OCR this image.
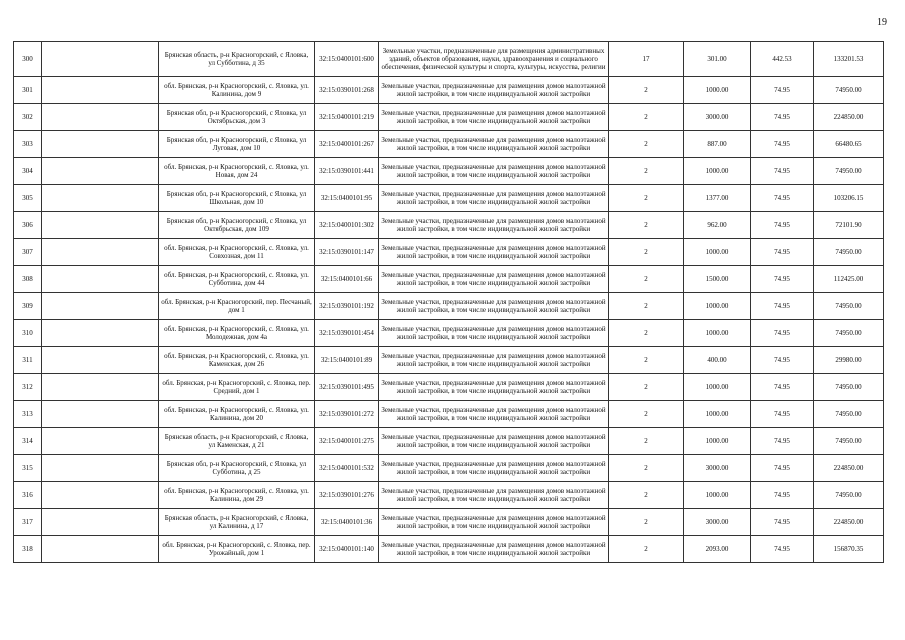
19
300		Брянская область, р-н Красногорский, с Яловка, ул Субботина, д 35	32:15:0400101:600	Земельные участки, предназначенные для размещения административных зданий, объектов образования, науки, здравоохранения и социального обеспечения, физической культуры и спорта, культуры, искусства, религии	17	301.00	442.53	133201.53
301		обл. Брянская, р-н Красногорский, с. Яловка, ул. Калинина, дом 9	32:15:0390101:268	Земельные участки, предназначенные для размещения домов малоэтажной жилой застройки, в том числе индивидуальной жилой застройки	2	1000.00	74.95	74950.00
302		Брянская обл, р-н Красногорский, с Яловка, ул Октябрьская, дом 3	32:15:0400101:219	Земельные участки, предназначенные для размещения домов малоэтажной жилой застройки, в том числе индивидуальной жилой застройки	2	3000.00	74.95	224850.00
303		Брянская обл, р-н Красногорский, с Яловка, ул Луговая, дом 10	32:15:0400101:267	Земельные участки, предназначенные для размещения домов малоэтажной жилой застройки, в том числе индивидуальной жилой застройки	2	887.00	74.95	66480.65
304		обл. Брянская, р-н Красногорский, с. Яловка, ул. Новая, дом 24	32:15:0390101:441	Земельные участки, предназначенные для размещения домов малоэтажной жилой застройки, в том числе индивидуальной жилой застройки	2	1000.00	74.95	74950.00
305		Брянская обл, р-н Красногорский, с Яловка, ул Школьная, дом 10	32:15:0400101:95	Земельные участки, предназначенные для размещения домов малоэтажной жилой застройки, в том числе индивидуальной жилой застройки	2	1377.00	74.95	103206.15
306		Брянская обл, р-н Красногорский, с Яловка, ул Октябрьская, дом 109	32:15:0400101:302	Земельные участки, предназначенные для размещения домов малоэтажной жилой застройки, в том числе индивидуальной жилой застройки	2	962.00	74.95	72101.90
307		обл. Брянская, р-н Красногорский, с. Яловка, ул. Совхозная, дом 11	32:15:0390101:147	Земельные участки, предназначенные для размещения домов малоэтажной жилой застройки, в том числе индивидуальной жилой застройки	2	1000.00	74.95	74950.00
308		обл. Брянская, р-н Красногорский, с. Яловка, ул. Субботина, дом 44	32:15:0400101:66	Земельные участки, предназначенные для размещения домов малоэтажной жилой застройки, в том числе индивидуальной жилой застройки	2	1500.00	74.95	112425.00
309		обл. Брянская, р-н Красногорский, пер. Песчаный, дом 1	32:15:0390101:192	Земельные участки, предназначенные для размещения домов малоэтажной жилой застройки, в том числе индивидуальной жилой застройки	2	1000.00	74.95	74950.00
310		обл. Брянская, р-н Красногорский, с. Яловка, ул. Молодежная, дом 4а	32:15:0390101:454	Земельные участки, предназначенные для размещения домов малоэтажной жилой застройки, в том числе индивидуальной жилой застройки	2	1000.00	74.95	74950.00
311		обл. Брянская, р-н Красногорский, с. Яловка, ул. Каменская, дом 26	32:15:0400101:89	Земельные участки, предназначенные для размещения домов малоэтажной жилой застройки, в том числе индивидуальной жилой застройки	2	400.00	74.95	29980.00
312		обл. Брянская, р-н Красногорский, с. Яловка, пер. Средний, дом 1	32:15:0390101:495	Земельные участки, предназначенные для размещения домов малоэтажной жилой застройки, в том числе индивидуальной жилой застройки	2	1000.00	74.95	74950.00
313		обл. Брянская, р-н Красногорский, с. Яловка, ул. Калинина, дом 20	32:15:0390101:272	Земельные участки, предназначенные для размещения домов малоэтажной жилой застройки, в том числе индивидуальной жилой застройки	2	1000.00	74.95	74950.00
314		Брянская область, р-н Красногорский, с Яловка, ул Каменская, д 21	32:15:0400101:275	Земельные участки, предназначенные для размещения домов малоэтажной жилой застройки, в том числе индивидуальной жилой застройки	2	1000.00	74.95	74950.00
315		Брянская обл, р-н Красногорский, с Яловка, ул Субботина, д 25	32:15:0400101:532	Земельные участки, предназначенные для размещения домов малоэтажной жилой застройки, в том числе индивидуальной жилой застройки	2	3000.00	74.95	224850.00
316		обл. Брянская, р-н Красногорский, с. Яловка, ул. Калинина, дом 29	32:15:0390101:276	Земельные участки, предназначенные для размещения домов малоэтажной жилой застройки, в том числе индивидуальной жилой застройки	2	1000.00	74.95	74950.00
317		Брянская область, р-н Красногорский, с Яловка, ул Калинина, д 17	32:15:0400101:36	Земельные участки, предназначенные для размещения домов малоэтажной жилой застройки, в том числе индивидуальной жилой застройки	2	3000.00	74.95	224850.00
318		обл. Брянская, р-н Красногорский, с. Яловка, пер. Урожайный, дом 1	32:15:0400101:140	Земельные участки, предназначенные для размещения домов малоэтажной жилой застройки, в том числе индивидуальной жилой застройки	2	2093.00	74.95	156870.35
